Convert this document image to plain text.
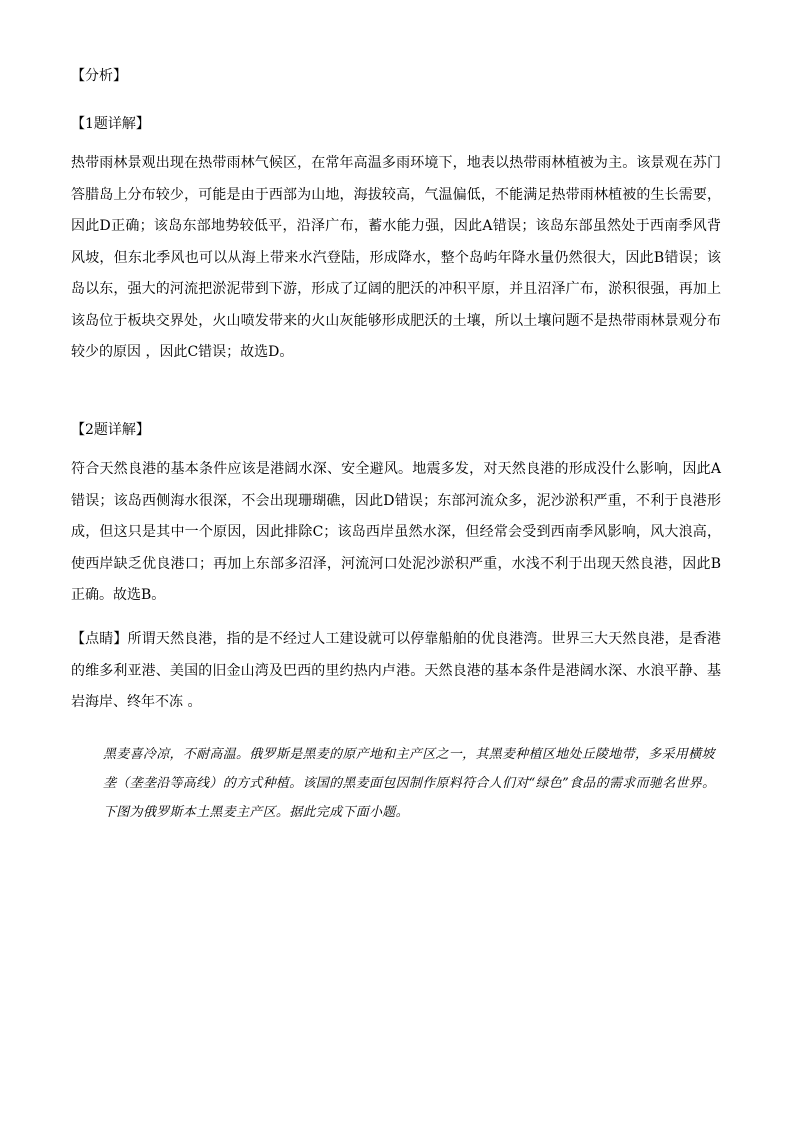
【分析】
【1题详解】

热带雨林景观出现在热带雨林气候区，在常年高温多雨环境下，地表以热带雨林植被为主。该景观在苏门答腊岛上分布较少，可能是由于西部为山地，海拔较高，气温偏低，不能满足热带雨林植被的生长需要，因此D正确；该岛东部地势较低平，沿泽广布，蓄水能力强，因此A错误；该岛东部虽然处于西南季风背风坡，但东北季风也可以从海上带来水汽登陆，形成降水，整个岛屿年降水量仍然很大，因此B错误；该岛以东，强大的河流把淤泥带到下游，形成了辽阔的肥沃的冲积平原，并且沼泽广布，淤积很强，再加上该岛位于板块交界处，火山喷发带来的火山灰能够形成肥沃的土壤，所以土壤问题不是热带雨林景观分布较少的原因 ，因此C错误；故选D。

【2题详解】

符合天然良港的基本条件应该是港阔水深、安全避风。地震多发，对天然良港的形成没什么影响，因此A错误；该岛西侧海水很深，不会出现珊瑚礁，因此D错误；东部河流众多，泥沙淤积严重，不利于良港形成，但这只是其中一个原因，因此排除C；该岛西岸虽然水深，但经常会受到西南季风影响，风大浪高，使西岸缺乏优良港口；再加上东部多沼泽，河流河口处泥沙淤积严重，水浅不利于出现天然良港，因此B正确。故选B。

【点睛】所谓天然良港，指的是不经过人工建设就可以停靠船舶的优良港湾。世界三大天然良港，是香港的维多利亚港、美国的旧金山湾及巴西的里约热内卢港。天然良港的基本条件是港阔水深、水浪平静、基岩海岸、终年不冻 。

黑麦喜冷凉，不耐高温。俄罗斯是黑麦的原产地和主产区之一，其黑麦种植区地处丘陵地带，多采用横坡垄（垄垄沿等高线）的方式种植。该国的黑麦面包因制作原料符合人们对“绿色”食品的需求而驰名世界。下图为俄罗斯本土黑麦主产区。据此完成下面小题。
